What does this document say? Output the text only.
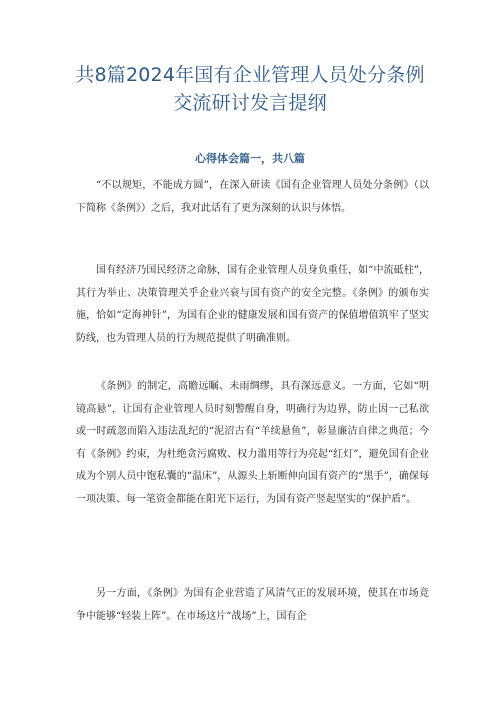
共8篇2024年国有企业管理人员处分条例
交流研讨发言提纲
心得体会篇一，共八篇

“不以规矩，不能成方圆”，在深入研读《国有企业管理人员处分条例》（以下简称《条例》）之后，我对此话有了更为深刻的认识与体悟。

国有经济乃国民经济之命脉，国有企业管理人员身负重任，如“中流砥柱”，其行为举止、决策管理关乎企业兴衰与国有资产的安全完整。《条例》的颁布实施，恰如“定海神针”，为国有企业的健康发展和国有资产的保值增值筑牢了坚实防线，也为管理人员的行为规范提供了明确准则。

《条例》的制定，高瞻远瞩、未雨绸缪，具有深远意义。一方面，它如“明镜高悬”，让国有企业管理人员时刻警醒自身，明确行为边界，防止因一己私欲或一时疏忽而陷入违法乱纪的“泥沼古有“羊续悬鱼”，彰显廉洁自律之典范；今有《条例》约束，为杜绝贪污腐败、权力滥用等行为亮起“红灯”，避免国有企业成为个别人员中饱私囊的“温床”，从源头上斩断伸向国有资产的“黑手”，确保每一项决策、每一笔资金都能在阳光下运行，为国有资产竖起坚实的“保护盾”。

另一方面，《条例》为国有企业营造了风清气正的发展环境，使其在市场竞争中能够“轻装上阵”。在市场这片“战场”上，国有企
